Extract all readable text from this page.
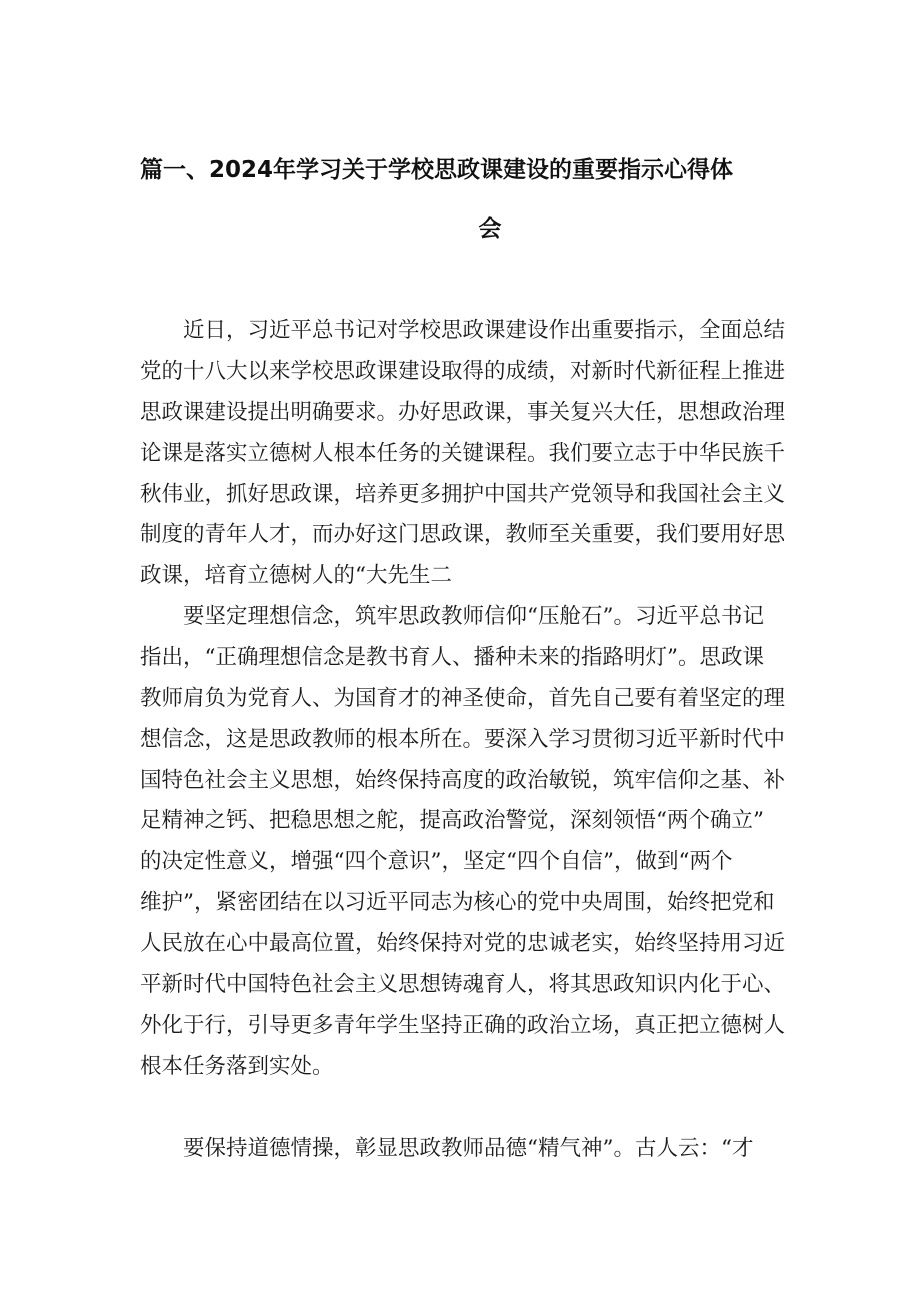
篇一、2024年学习关于学校思政课建设的重要指示心得体
会
　　近日，习近平总书记对学校思政课建设作出重要指示，全面总结
党的十八大以来学校思政课建设取得的成绩，对新时代新征程上推进
思政课建设提出明确要求。办好思政课，事关复兴大任，思想政治理
论课是落实立德树人根本任务的关键课程。我们要立志于中华民族千
秋伟业，抓好思政课，培养更多拥护中国共产党领导和我国社会主义
制度的青年人才，而办好这门思政课，教师至关重要，我们要用好思
政课，培育立德树人的“大先生二
　　要坚定理想信念，筑牢思政教师信仰“压舱石”。习近平总书记
指出，“正确理想信念是教书育人、播种未来的指路明灯”。思政课
教师肩负为党育人、为国育才的神圣使命，首先自己要有着坚定的理
想信念，这是思政教师的根本所在。要深入学习贯彻习近平新时代中
国特色社会主义思想，始终保持高度的政治敏锐，筑牢信仰之基、补
足精神之钙、把稳思想之舵，提高政治警觉，深刻领悟“两个确立”
的决定性意义，增强“四个意识”，坚定“四个自信”，做到“两个
维护”，紧密团结在以习近平同志为核心的党中央周围，始终把党和
人民放在心中最高位置，始终保持对党的忠诚老实，始终坚持用习近
平新时代中国特色社会主义思想铸魂育人，将其思政知识内化于心、
外化于行，引导更多青年学生坚持正确的政治立场，真正把立德树人
根本任务落到实处。
　　要保持道德情操，彰显思政教师品德“精气神”。古人云：“才
